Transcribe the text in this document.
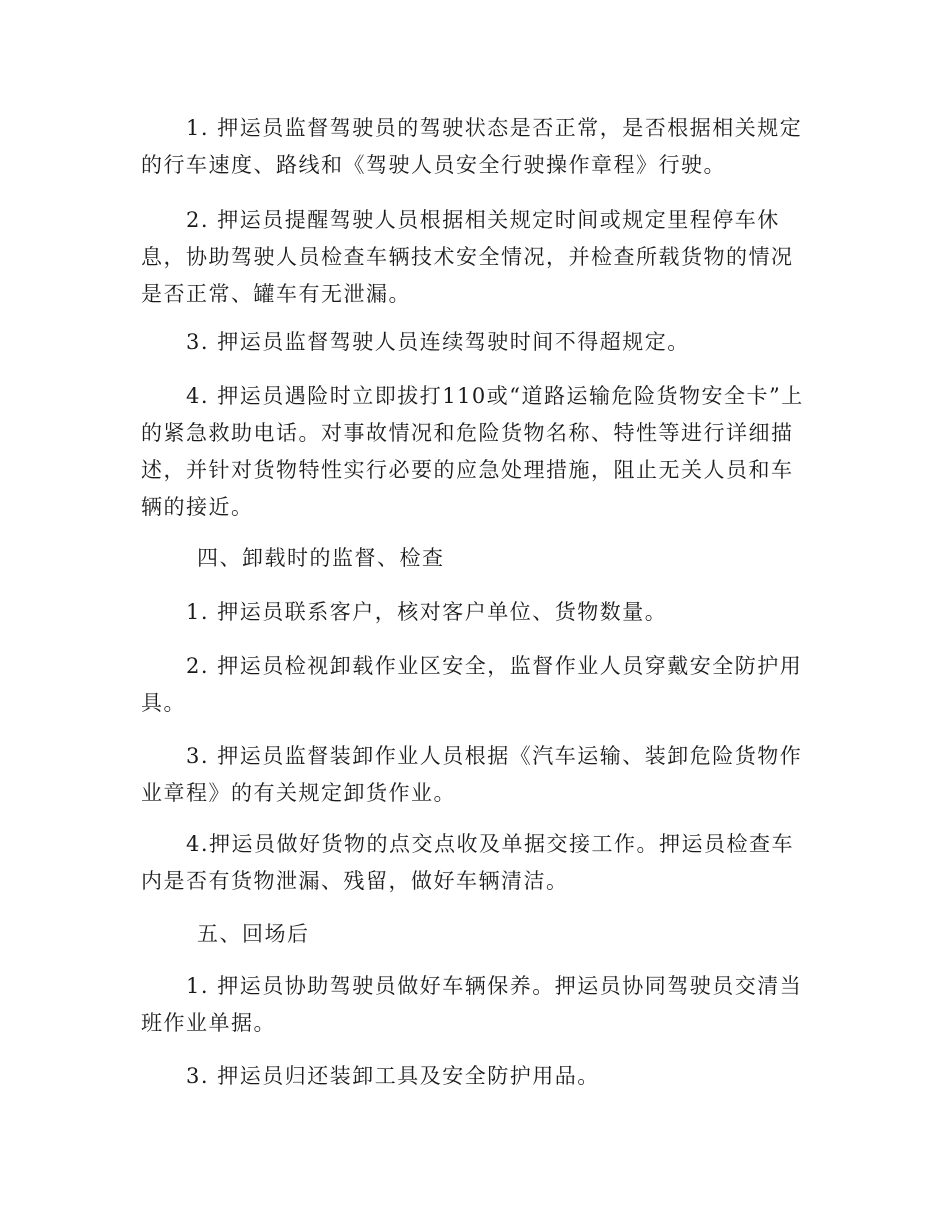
1. 押运员监督驾驶员的驾驶状态是否正常，是否根据相关规定的行车速度、路线和《驾驶人员安全行驶操作章程》行驶。

2. 押运员提醒驾驶人员根据相关规定时间或规定里程停车休息，协助驾驶人员检查车辆技术安全情况，并检查所载货物的情况是否正常、罐车有无泄漏。

3. 押运员监督驾驶人员连续驾驶时间不得超规定。

4. 押运员遇险时立即拔打110或“道路运输危险货物安全卡”上的紧急救助电话。对事故情况和危险货物名称、特性等进行详细描述，并针对货物特性实行必要的应急处理措施，阻止无关人员和车辆的接近。

四、卸载时的监督、检查

1. 押运员联系客户，核对客户单位、货物数量。

2. 押运员检视卸载作业区安全，监督作业人员穿戴安全防护用具。

3. 押运员监督装卸作业人员根据《汽车运输、装卸危险货物作业章程》的有关规定卸货作业。

4.押运员做好货物的点交点收及单据交接工作。押运员检查车内是否有货物泄漏、残留，做好车辆清洁。

五、回场后

1. 押运员协助驾驶员做好车辆保养。押运员协同驾驶员交清当班作业单据。

3. 押运员归还装卸工具及安全防护用品。
